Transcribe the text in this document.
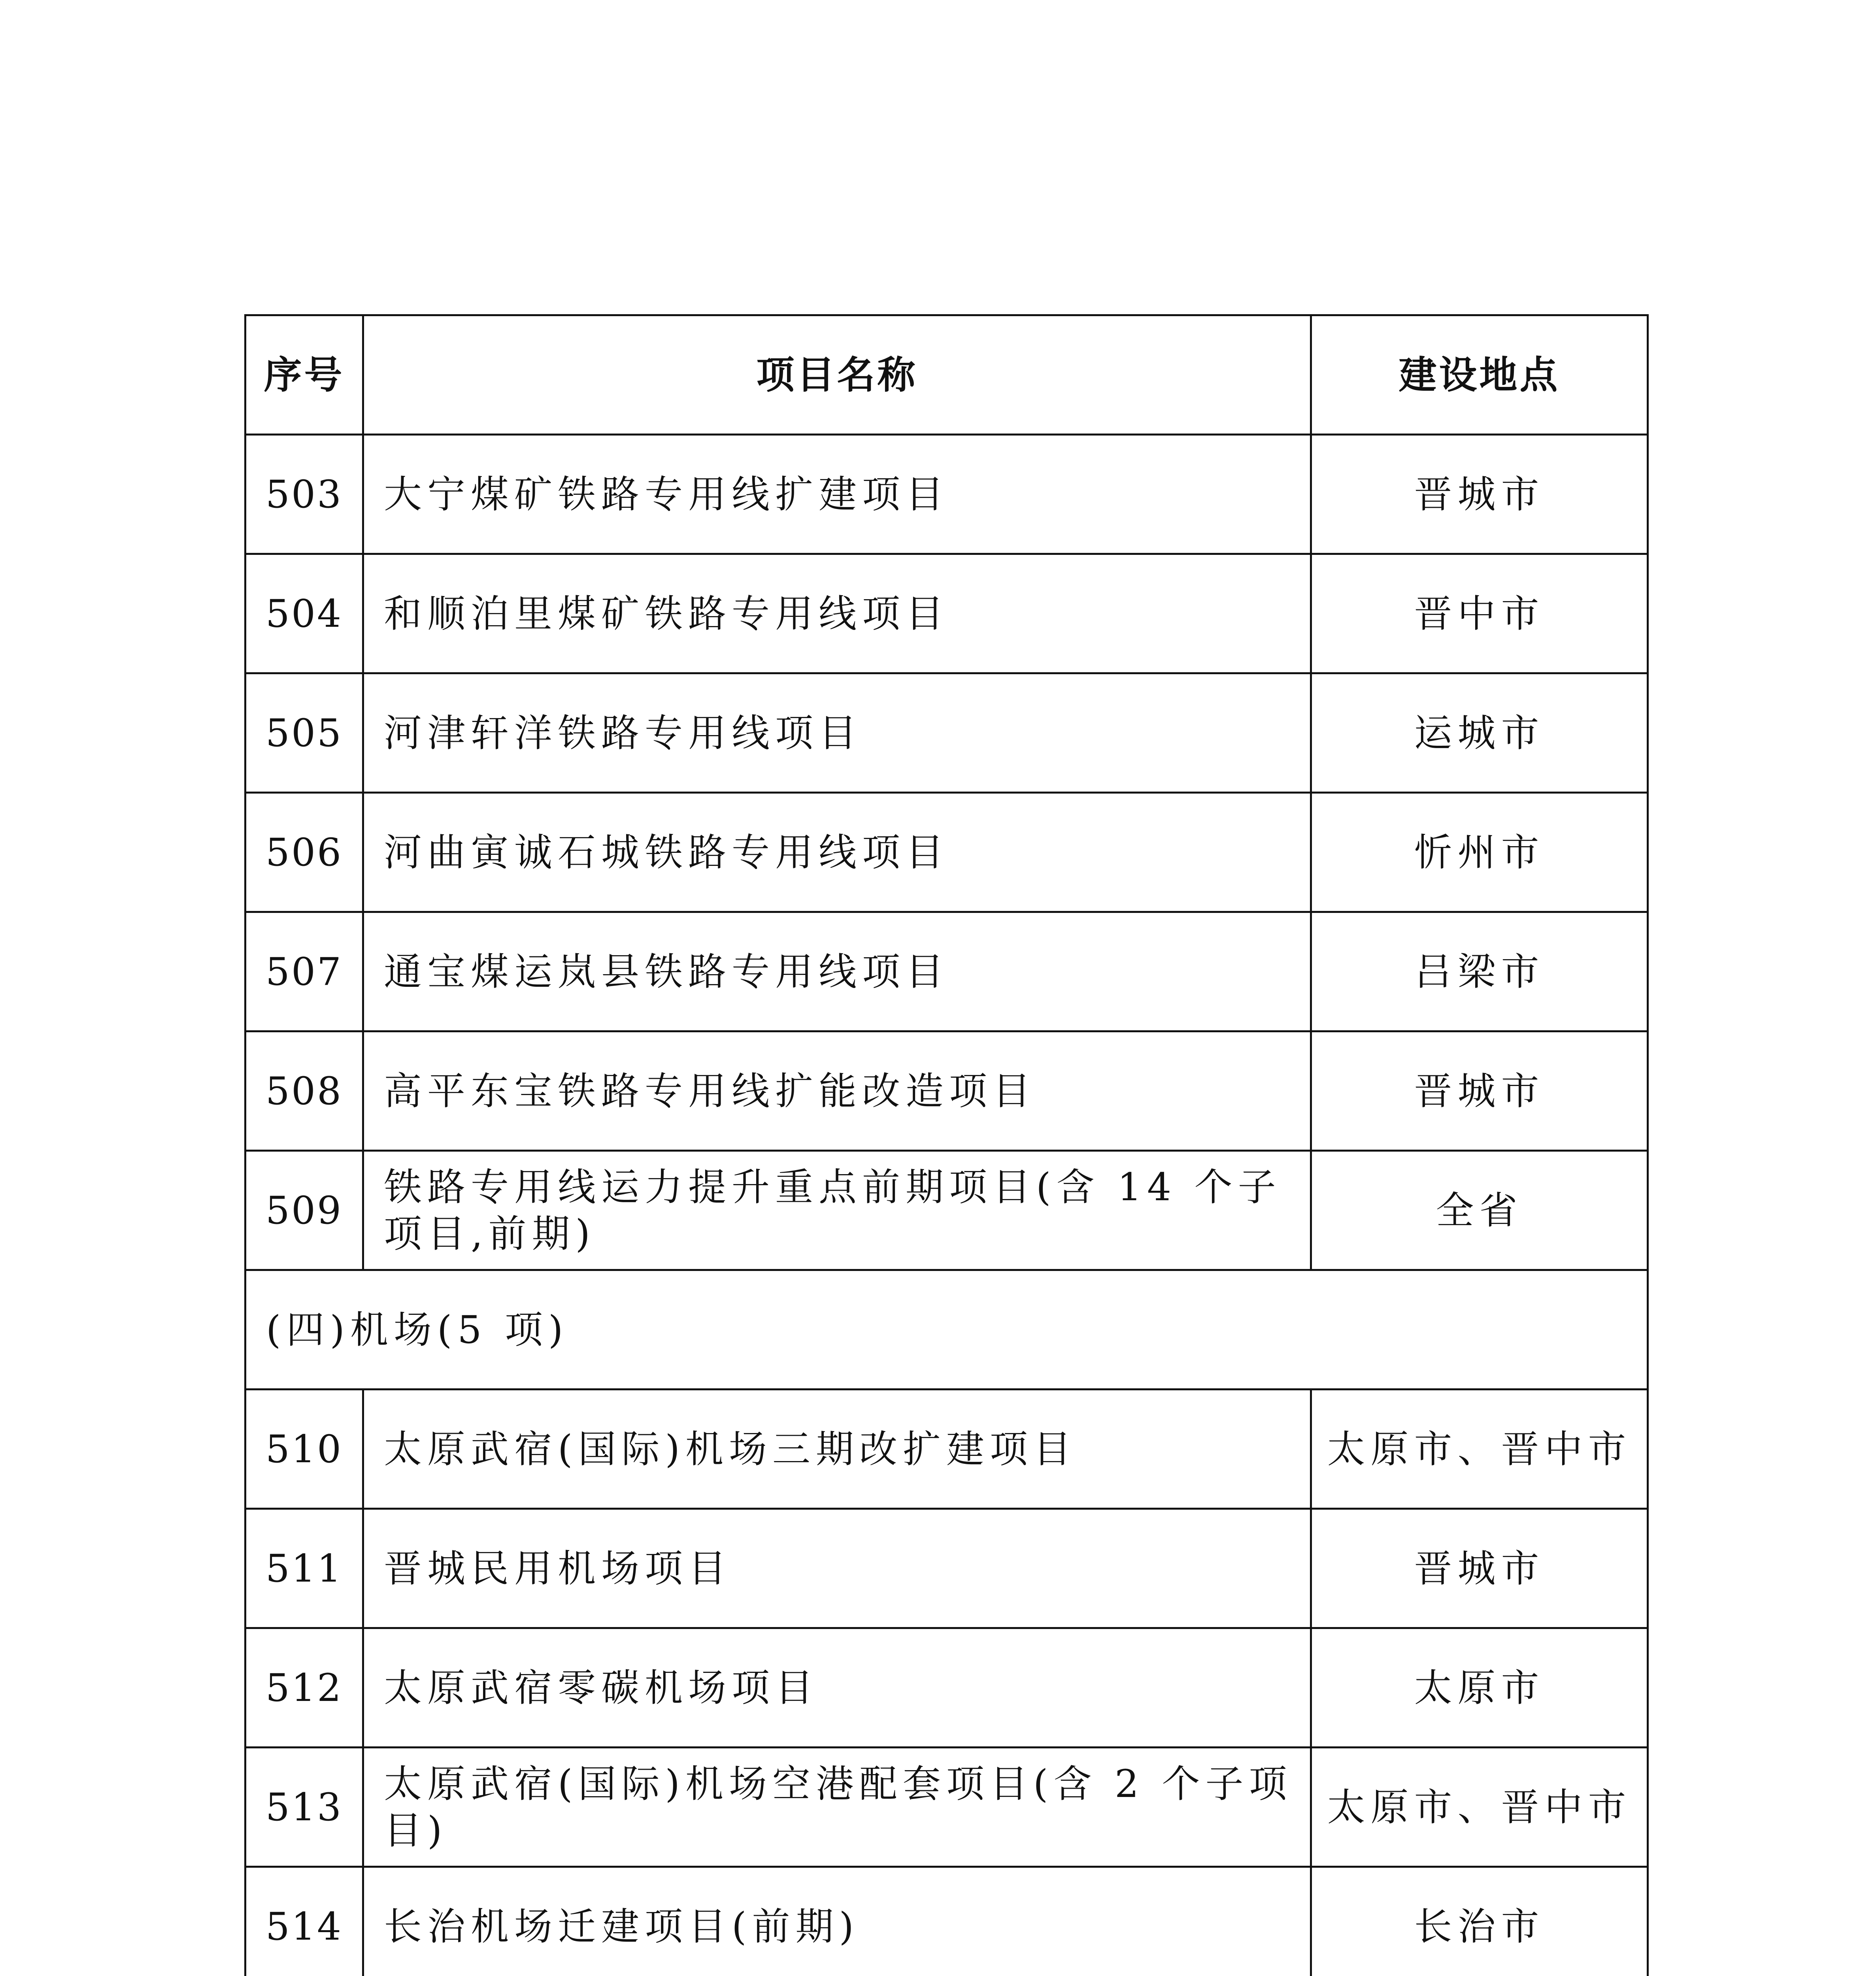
序号	项目名称	建设地点
503	大宁煤矿铁路专用线扩建项目	晋城市
504	和顺泊里煤矿铁路专用线项目	晋中市
505	河津轩洋铁路专用线项目	运城市
506	河曲寅诚石城铁路专用线项目	忻州市
507	通宝煤运岚县铁路专用线项目	吕梁市
508	高平东宝铁路专用线扩能改造项目	晋城市
509	铁路专用线运力提升重点前期项目(含 14 个子项目,前期)	全省
(四)机场(5 项)		
510	太原武宿(国际)机场三期改扩建项目	太原市、晋中市
511	晋城民用机场项目	晋城市
512	太原武宿零碳机场项目	太原市
513	太原武宿(国际)机场空港配套项目(含 2 个子项目)	太原市、晋中市
514	长治机场迁建项目(前期)	长治市
